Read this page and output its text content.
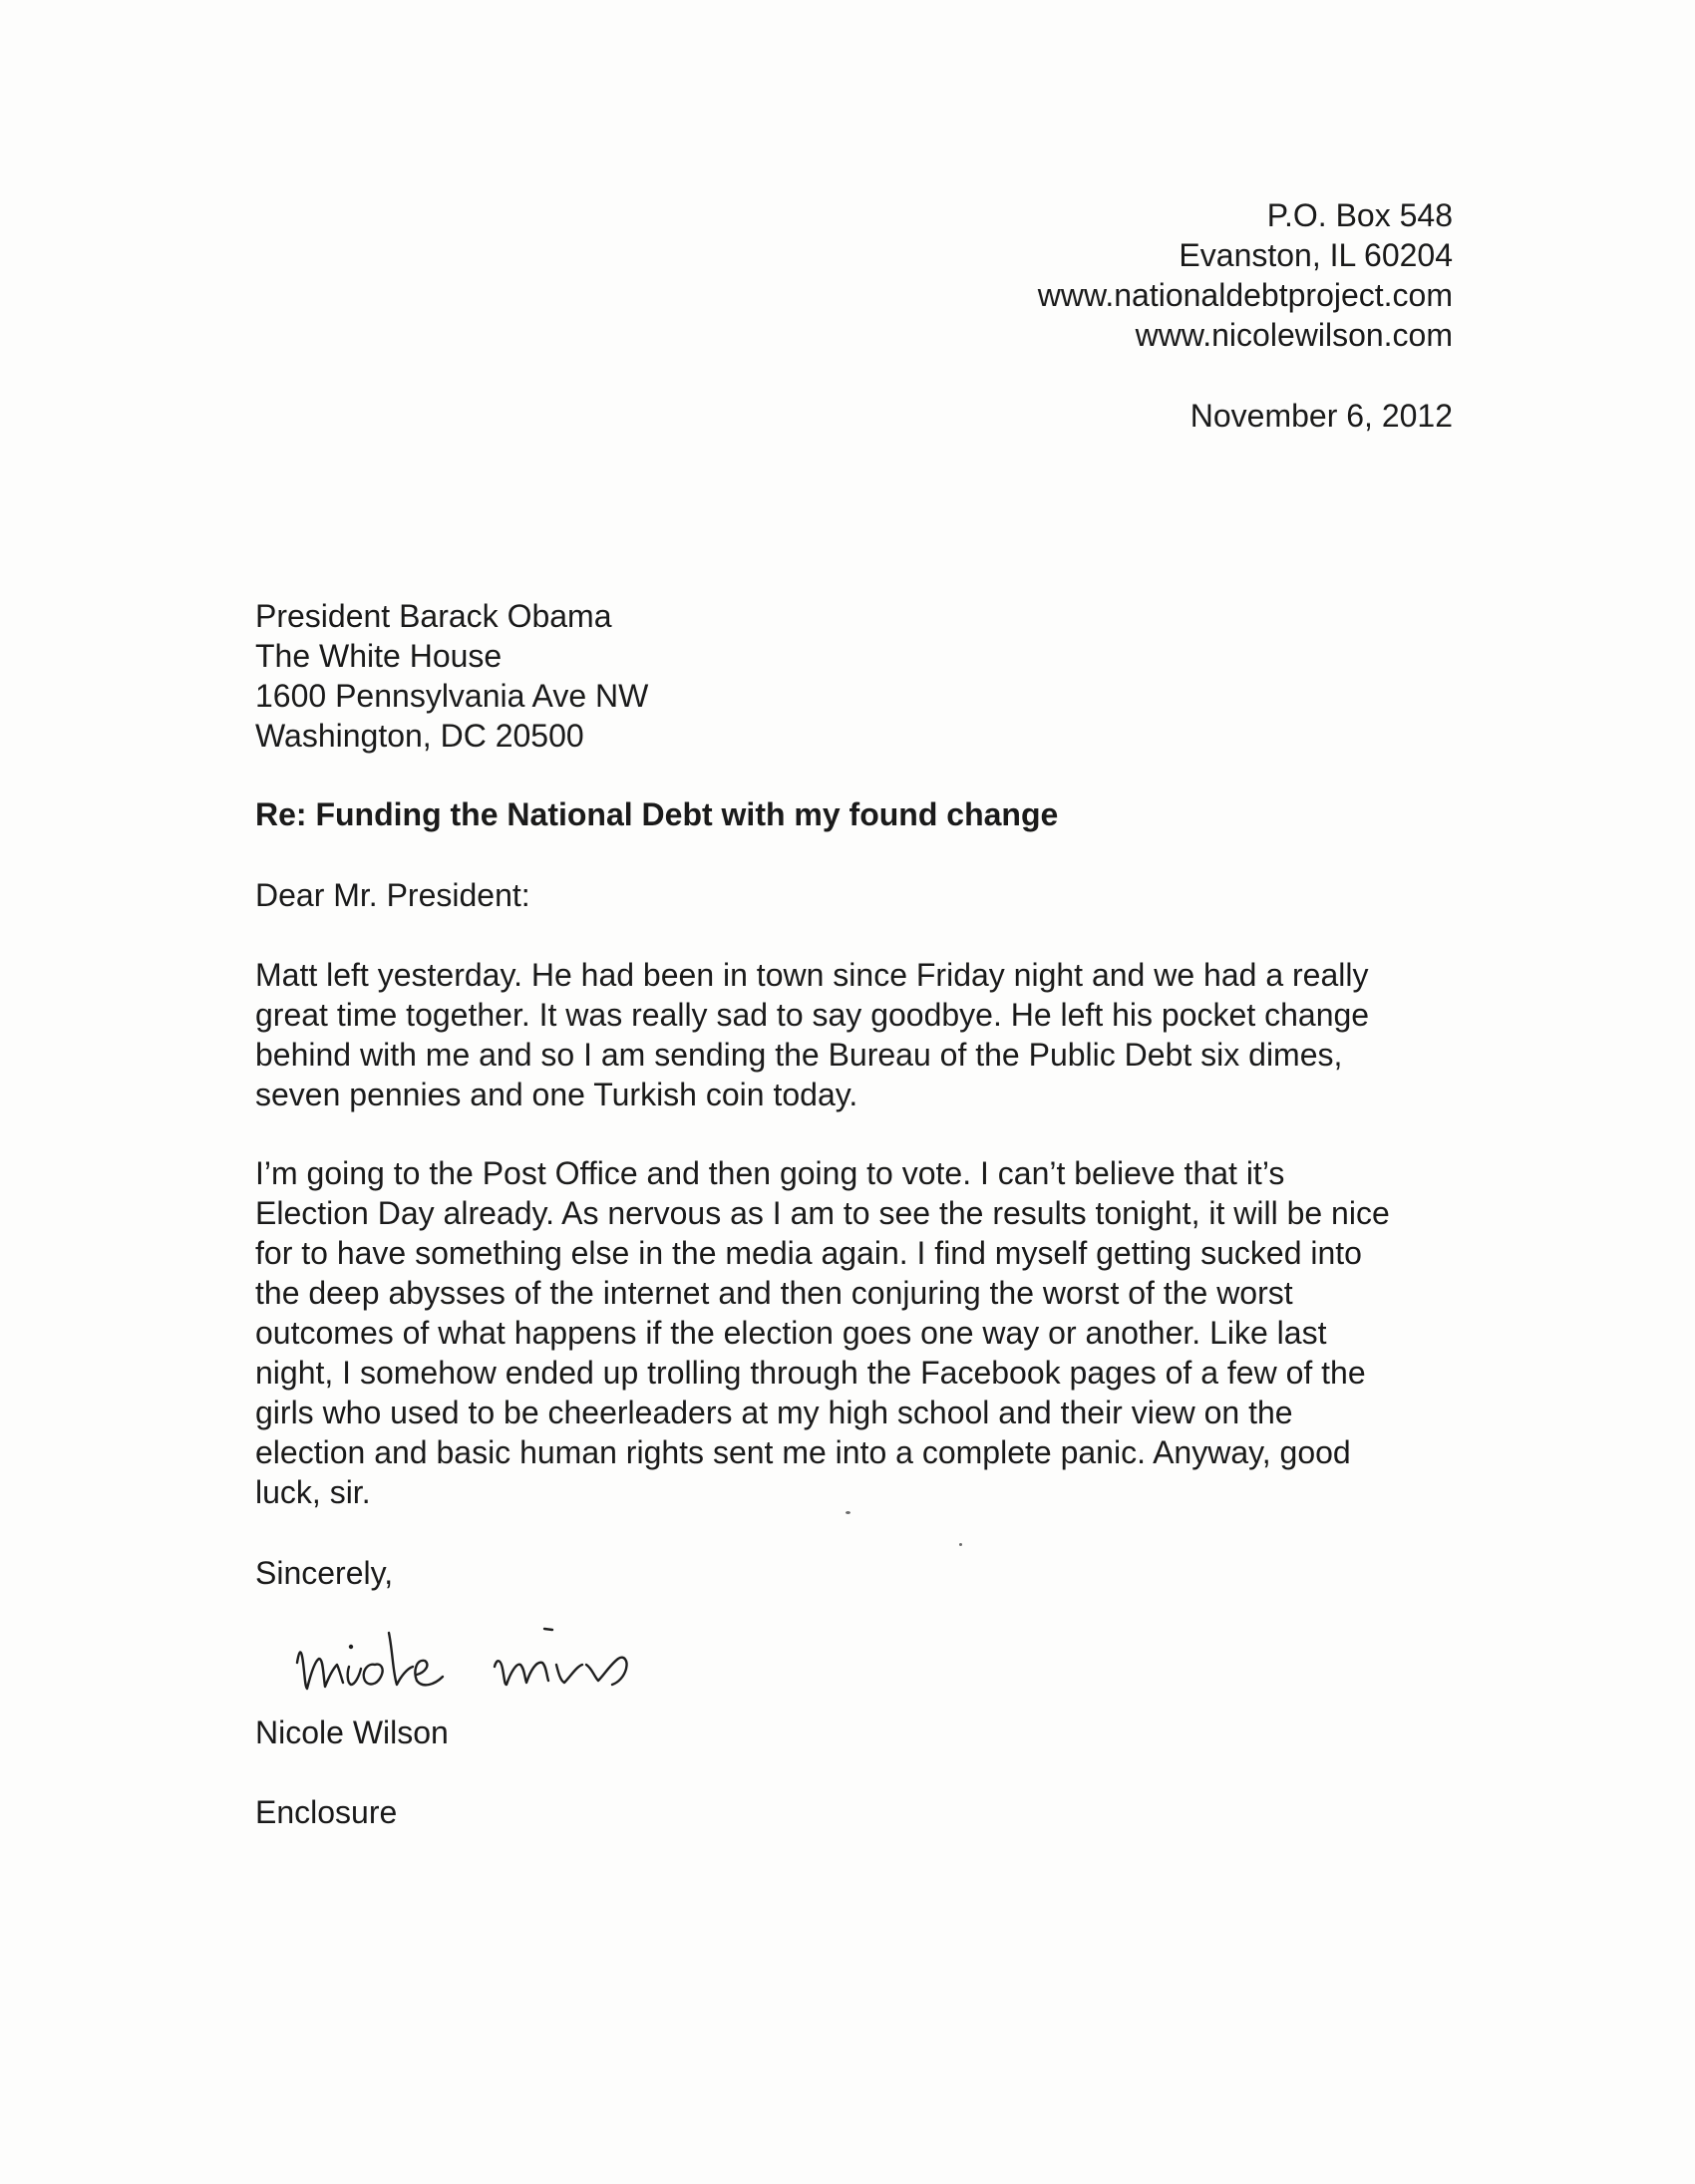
P.O. Box 548
Evanston, IL 60204
www.nationaldebtproject.com
www.nicolewilson.com
November 6, 2012
President Barack Obama
The White House
1600 Pennsylvania Ave NW
Washington, DC 20500
Re: Funding the National Debt with my found change
Dear Mr. President:
Matt left yesterday. He had been in town since Friday night and we had a really
great time together. It was really sad to say goodbye. He left his pocket change
behind with me and so I am sending the Bureau of the Public Debt six dimes,
seven pennies and one Turkish coin today.
I’m going to the Post Office and then going to vote. I can’t believe that it’s
Election Day already. As nervous as I am to see the results tonight, it will be nice
for to have something else in the media again. I find myself getting sucked into
the deep abysses of the internet and then conjuring the worst of the worst
outcomes of what happens if the election goes one way or another. Like last
night, I somehow ended up trolling through the Facebook pages of a few of the
girls who used to be cheerleaders at my high school and their view on the
election and basic human rights sent me into a complete panic. Anyway, good
luck, sir.
Sincerely,
Nicole Wilson
Enclosure
